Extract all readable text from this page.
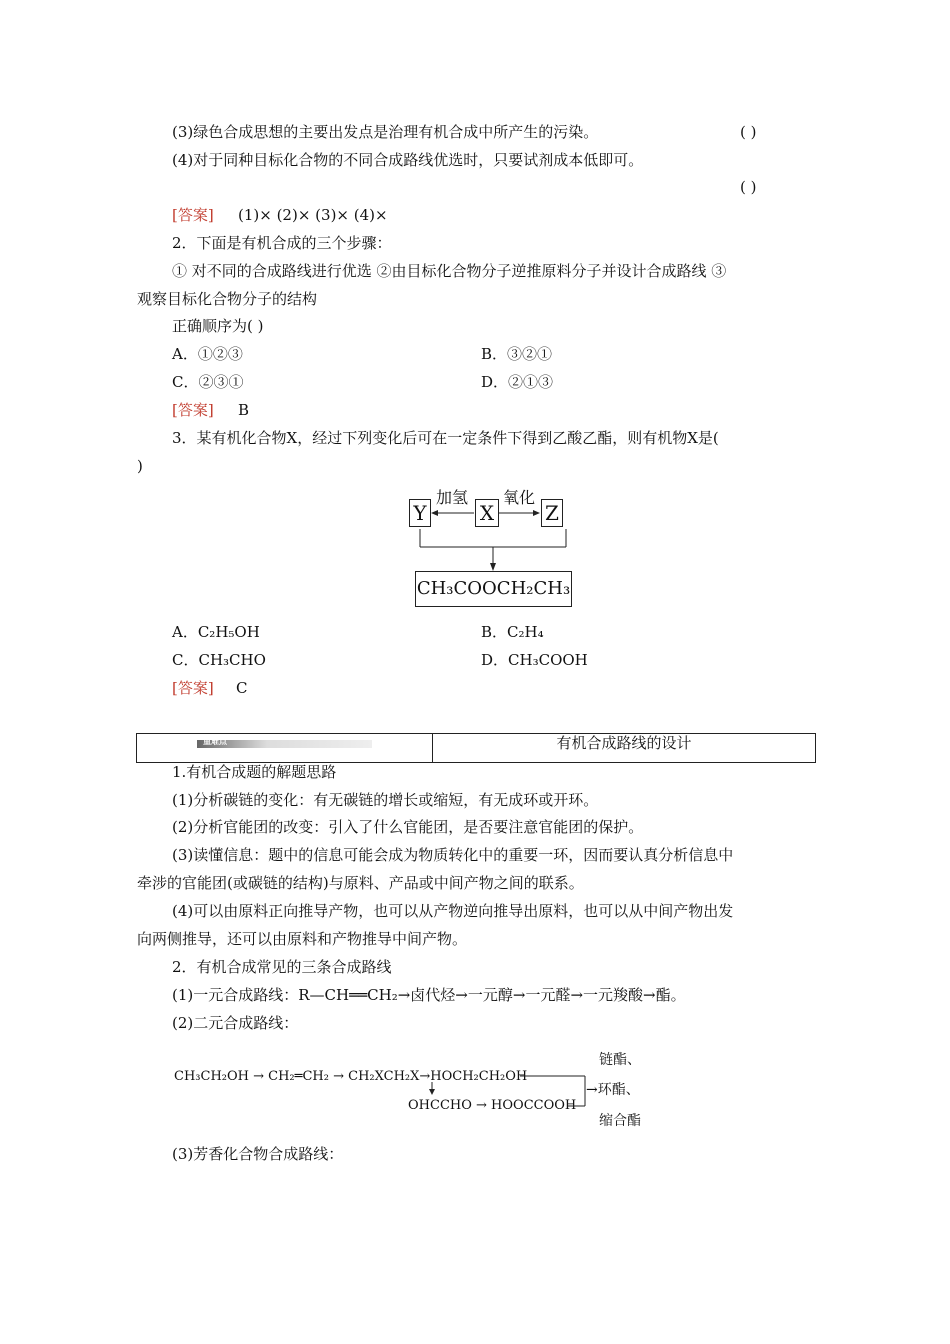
(3)绿色合成思想的主要出发点是治理有机合成中所产生的污染。	( )
(4)对于同种目标化合物的不同合成路线优选时，只要试剂成本低即可。
( )
[答案] (1)× (2)× (3)× (4)×
2．下面是有机合成的三个步骤：
① 对不同的合成路线进行优选 ②由目标化合物分子逆推原料分子并设计合成路线 ③
观察目标化合物分子的结构
正确顺序为( )
A．①②③	B．③②①
C．②③①	D．②①③
[答案] B
3．某有机化合物X，经过下列变化后可在一定条件下得到乙酸乙酯，则有机物X是(
)
Y	X	Z
加氢 氧化
CH₃COOCH₂CH₃
A．C₂H₅OH	B．C₂H₄
C．CH₃CHO	D．CH₃COOH
[答案] C
重难点	有机合成路线的设计
1.有机合成题的解题思路
(1)分析碳链的变化：有无碳链的增长或缩短，有无成环或开环。
(2)分析官能团的改变：引入了什么官能团，是否要注意官能团的保护。
(3)读懂信息：题中的信息可能会成为物质转化中的重要一环，因而要认真分析信息中
牵涉的官能团(或碳链的结构)与原料、产品或中间产物之间的联系。
(4)可以由原料正向推导产物，也可以从产物逆向推导出原料，也可以从中间产物出发
向两侧推导，还可以由原料和产物推导中间产物。
2．有机合成常见的三条合成路线
(1)一元合成路线：R—CH══CH₂→卤代烃→一元醇→一元醛→一元羧酸→酯。
(2)二元合成路线：
CH₃CH₂OH → CH₂═CH₂ → CH₂XCH₂X→HOCH₂CH₂OH
OHCCHO → HOOCCOOH
链酯、
→环酯、
缩合酯
(3)芳香化合物合成路线：
